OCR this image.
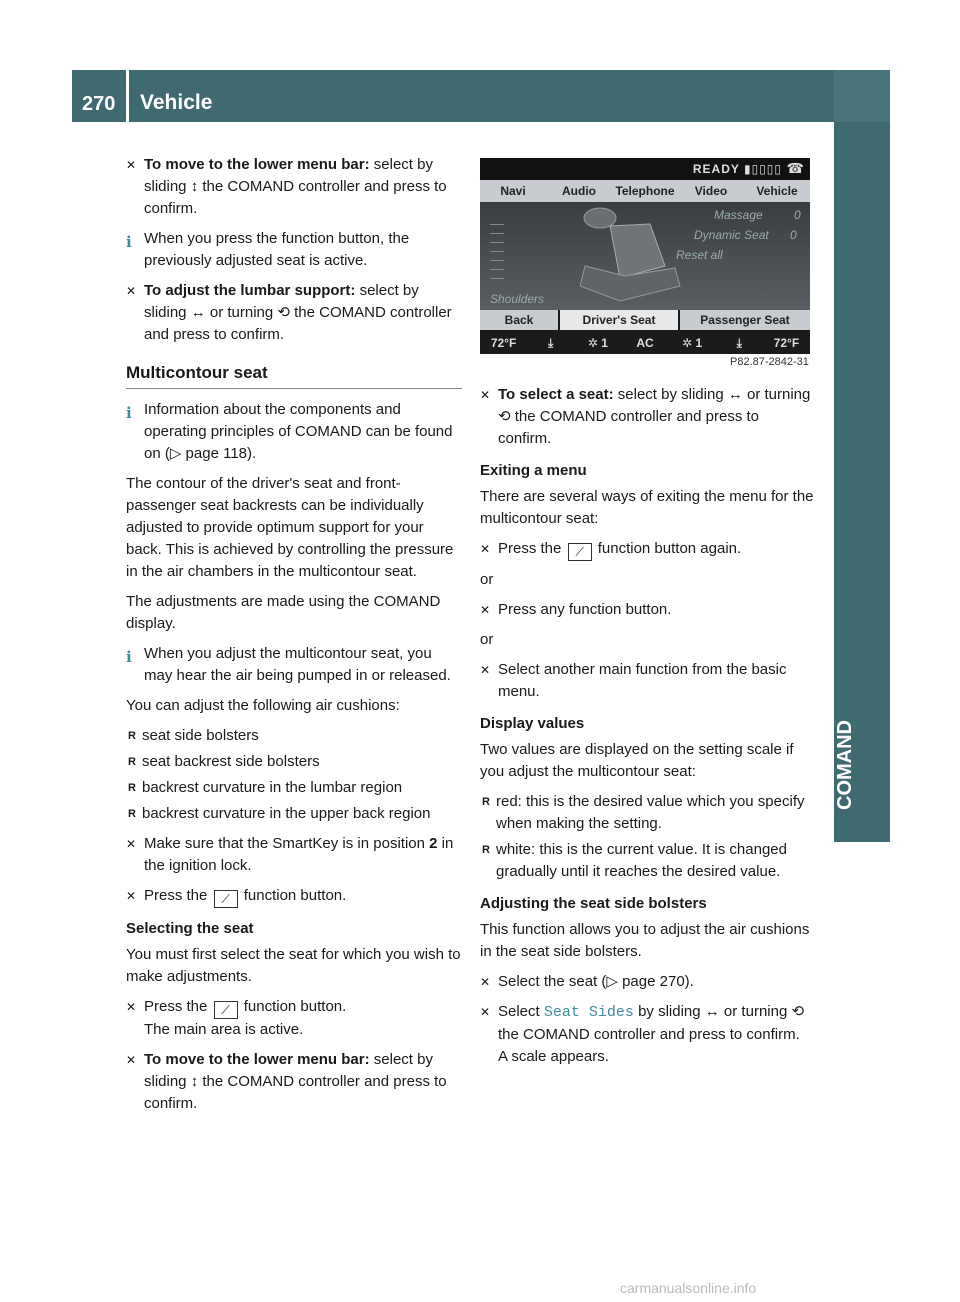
270 Vehicle
COMAND
✕ To move to the lower menu bar: select by sliding ↕ the COMAND controller and press to confirm.
i When you press the function button, the previously adjusted seat is active.
✕ To adjust the lumbar support: select by sliding ↔ or turning ⟲ the COMAND controller and press to confirm.
Multicontour seat
i Information about the components and operating principles of COMAND can be found on (▷ page 118).
The contour of the driver's seat and front-passenger seat backrests can be individually adjusted to provide optimum support for your back. This is achieved by controlling the pressure in the air chambers in the multicontour seat.
The adjustments are made using the COMAND display.
i When you adjust the multicontour seat, you may hear the air being pumped in or released.
You can adjust the following air cushions:
R seat side bolsters
R seat backrest side bolsters
R backrest curvature in the lumbar region
R backrest curvature in the upper back region
✕ Make sure that the SmartKey is in position 2 in the ignition lock.
✕ Press the ⟋ function button.
Selecting the seat
You must first select the seat for which you wish to make adjustments.
✕ Press the ⟋ function button.
The main area is active.
✕ To move to the lower menu bar: select by sliding ↕ the COMAND controller and press to confirm.
READY ▮▯▯▯▯ ☎
Navi	Audio	Telephone	Video	Vehicle
Massage	0
Dynamic Seat 0
Reset all
Shoulders
Back	Driver's Seat	Passenger Seat
72°F	⤓	✲ 1	AC	✲ 1	⤓	72°F
P82.87-2842-31
✕ To select a seat: select by sliding ↔ or turning ⟲ the COMAND controller and press to confirm.
Exiting a menu
There are several ways of exiting the menu for the multicontour seat:
✕ Press the ⟋ function button again.
or
✕ Press any function button.
or
✕ Select another main function from the basic menu.
Display values
Two values are displayed on the setting scale if you adjust the multicontour seat:
R red: this is the desired value which you specify when making the setting.
R white: this is the current value. It is changed gradually until it reaches the desired value.
Adjusting the seat side bolsters
This function allows you to adjust the air cushions in the seat side bolsters.
✕ Select the seat (▷ page 270).
✕ Select Seat Sides by sliding ↔ or turning ⟲ the COMAND controller and press to confirm.
A scale appears.
carmanualsonline.info
